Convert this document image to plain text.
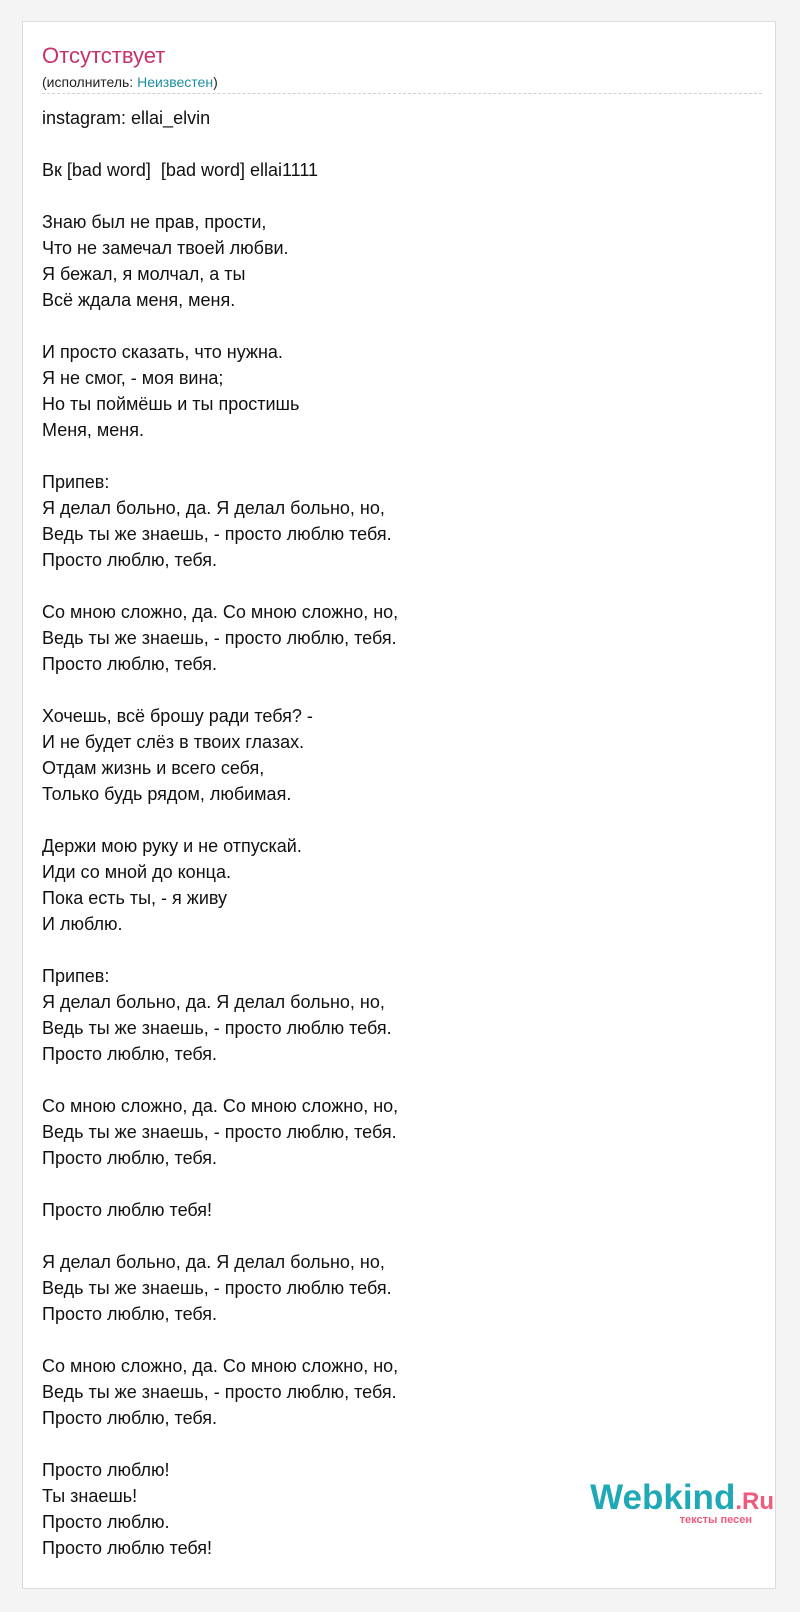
Отсутствует
(исполнитель: Неизвестен)
instagram: ellai_elvin
Вк [bad word]  [bad word] ellai1111
Знаю был не прав, прости,
Что не замечал твоей любви.
Я бежал, я молчал, а ты
Всё ждала меня, меня.
И просто сказать, что нужна.
Я не смог, - моя вина;
Но ты поймёшь и ты простишь
Меня, меня.
Припев:
Я делал больно, да. Я делал больно, но,
Ведь ты же знаешь, - просто люблю тебя.
Просто люблю, тебя.
Со мною сложно, да. Со мною сложно, но,
Ведь ты же знаешь, - просто люблю, тебя.
Просто люблю, тебя.
Хочешь, всё брошу ради тебя? -
И не будет слёз в твоих глазах.
Отдам жизнь и всего себя,
Только будь рядом, любимая.
Держи мою руку и не отпускай.
Иди со мной до конца.
Пока есть ты, - я живу
И люблю.
Припев:
Я делал больно, да. Я делал больно, но,
Ведь ты же знаешь, - просто люблю тебя.
Просто люблю, тебя.
Со мною сложно, да. Со мною сложно, но,
Ведь ты же знаешь, - просто люблю, тебя.
Просто люблю, тебя.
Просто люблю тебя!
Я делал больно, да. Я делал больно, но,
Ведь ты же знаешь, - просто люблю тебя.
Просто люблю, тебя.
Со мною сложно, да. Со мною сложно, но,
Ведь ты же знаешь, - просто люблю, тебя.
Просто люблю, тебя.
Просто люблю!
Ты знаешь!
Просто люблю.
Просто люблю тебя!
Webkind.Ru
тексты песен
